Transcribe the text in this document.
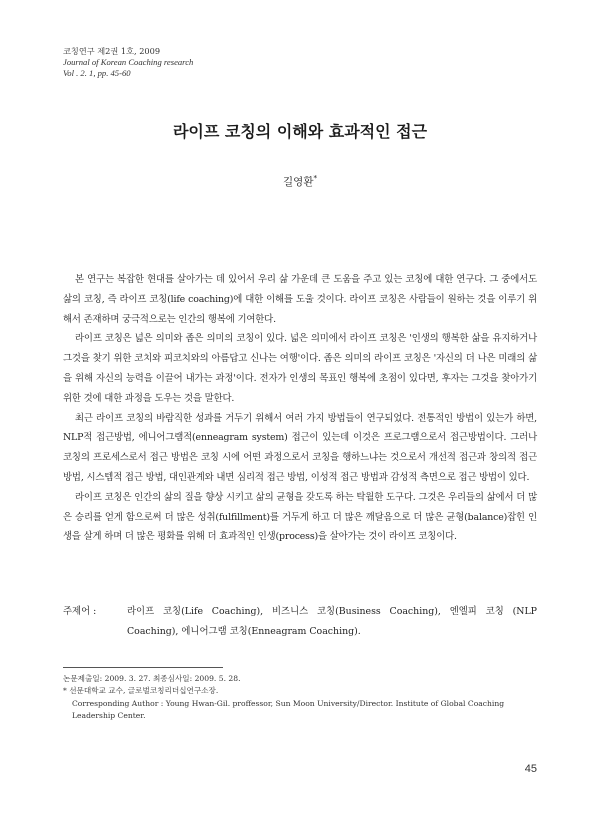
코칭연구 제2권 1호, 2009
Journal of Korean Coaching research
Vol . 2. 1, pp. 45-60
라이프 코칭의 이해와 효과적인 접근
길영환*

본 연구는 복잡한 현대를 살아가는 데 있어서 우리 삶 가운데 큰 도움을 주고 있는 코칭에 대한 연구다. 그 중에서도 삶의 코칭, 즉 라이프 코칭(life coaching)에 대한 이해를 도울 것이다. 라이프 코칭은 사람들이 원하는 것을 이루기 위해서 존재하며 궁극적으로는 인간의 행복에 기여한다.

라이프 코칭은 넓은 의미와 좁은 의미의 코칭이 있다. 넓은 의미에서 라이프 코칭은 '인생의 행복한 삶을 유지하거나 그것을 찾기 위한 코치와 피코치와의 아름답고 신나는 여행'이다. 좁은 의미의 라이프 코칭은 '자신의 더 나은 미래의 삶을 위해 자신의 능력을 이끌어 내가는 과정'이다. 전자가 인생의 목표인 행복에 초점이 있다면, 후자는 그것을 찾아가기 위한 것에 대한 과정을 도우는 것을 말한다.

최근 라이프 코칭의 바람직한 성과를 거두기 위해서 여러 가지 방법들이 연구되었다. 전통적인 방법이 있는가 하면, NLP적 접근방법, 에니어그램적(enneagram system) 접근이 있는데 이것은 프로그램으로서 접근방법이다. 그러나 코칭의 프로세스로서 접근 방법은 코칭 시에 어떤 과정으로서 코칭을 행하느냐는 것으로서 개선적 접근과 창의적 접근 방법, 시스템적 접근 방법, 대인관계와 내면 심리적 접근 방법, 이성적 접근 방법과 감성적 측면으로 접근 방법이 있다.

라이프 코칭은 인간의 삶의 질을 향상 시키고 삶의 균형을 갖도록 하는 탁월한 도구다. 그것은 우리들의 삶에서 더 많은 승리를 얻게 함으로써 더 많은 성취(fulfillment)를 거두게 하고 더 많은 깨달음으로 더 많은 균형(balance)잡힌 인생을 살게 하며 더 많은 평화를 위해 더 효과적인 인생(process)을 살아가는 것이 라이프 코칭이다.

주제어 :	라이프 코칭(Life Coaching), 비즈니스 코칭(Business Coaching), 엔엘피 코칭 (NLP Coaching), 에니어그램 코칭(Enneagram Coaching).
논문제출일: 2009. 3. 27. 최종심사일: 2009. 5. 28.
* 선문대학교 교수, 글로벌코칭리더십연구소장.
Corresponding Author : Young Hwan-Gil. proffessor, Sun Moon University/Director. Institute of Global Coaching Leadership Center.
45
